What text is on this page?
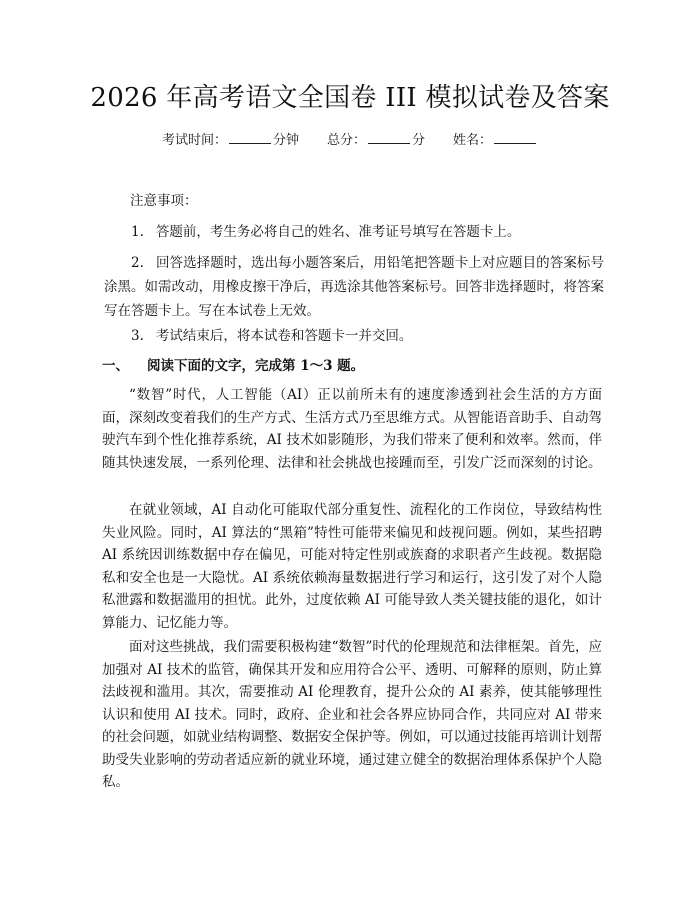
2026 年高考语文全国卷 III 模拟试卷及答案
考试时间：	分钟 总分：	分 姓名：
注意事项：
1. 答题前，考生务必将自己的姓名、准考证号填写在答题卡上。
2. 回答选择题时，选出每小题答案后，用铅笔把答题卡上对应题目的答案标号涂黑。如需改动，用橡皮擦干净后，再选涂其他答案标号。回答非选择题时，将答案写在答题卡上。写在本试卷上无效。
3. 考试结束后，将本试卷和答题卡一并交回。
一、 阅读下面的文字，完成第 1～3 题。
“数智”时代，人工智能（AI）正以前所未有的速度渗透到社会生活的方方面面，深刻改变着我们的生产方式、生活方式乃至思维方式。从智能语音助手、自动驾驶汽车到个性化推荐系统，AI 技术如影随形，为我们带来了便利和效率。然而，伴随其快速发展，一系列伦理、法律和社会挑战也接踵而至，引发广泛而深刻的讨论。
在就业领域，AI 自动化可能取代部分重复性、流程化的工作岗位，导致结构性失业风险。同时，AI 算法的“黑箱”特性可能带来偏见和歧视问题。例如，某些招聘 AI 系统因训练数据中存在偏见，可能对特定性别或族裔的求职者产生歧视。数据隐私和安全也是一大隐忧。AI 系统依赖海量数据进行学习和运行，这引发了对个人隐私泄露和数据滥用的担忧。此外，过度依赖 AI 可能导致人类关键技能的退化，如计算能力、记忆能力等。
面对这些挑战，我们需要积极构建“数智”时代的伦理规范和法律框架。首先，应加强对 AI 技术的监管，确保其开发和应用符合公平、透明、可解释的原则，防止算法歧视和滥用。其次，需要推动 AI 伦理教育，提升公众的 AI 素养，使其能够理性认识和使用 AI 技术。同时，政府、企业和社会各界应协同合作，共同应对 AI 带来的社会问题，如就业结构调整、数据安全保护等。例如，可以通过技能再培训计划帮助受失业影响的劳动者适应新的就业环境，通过建立健全的数据治理体系保护个人隐私。
